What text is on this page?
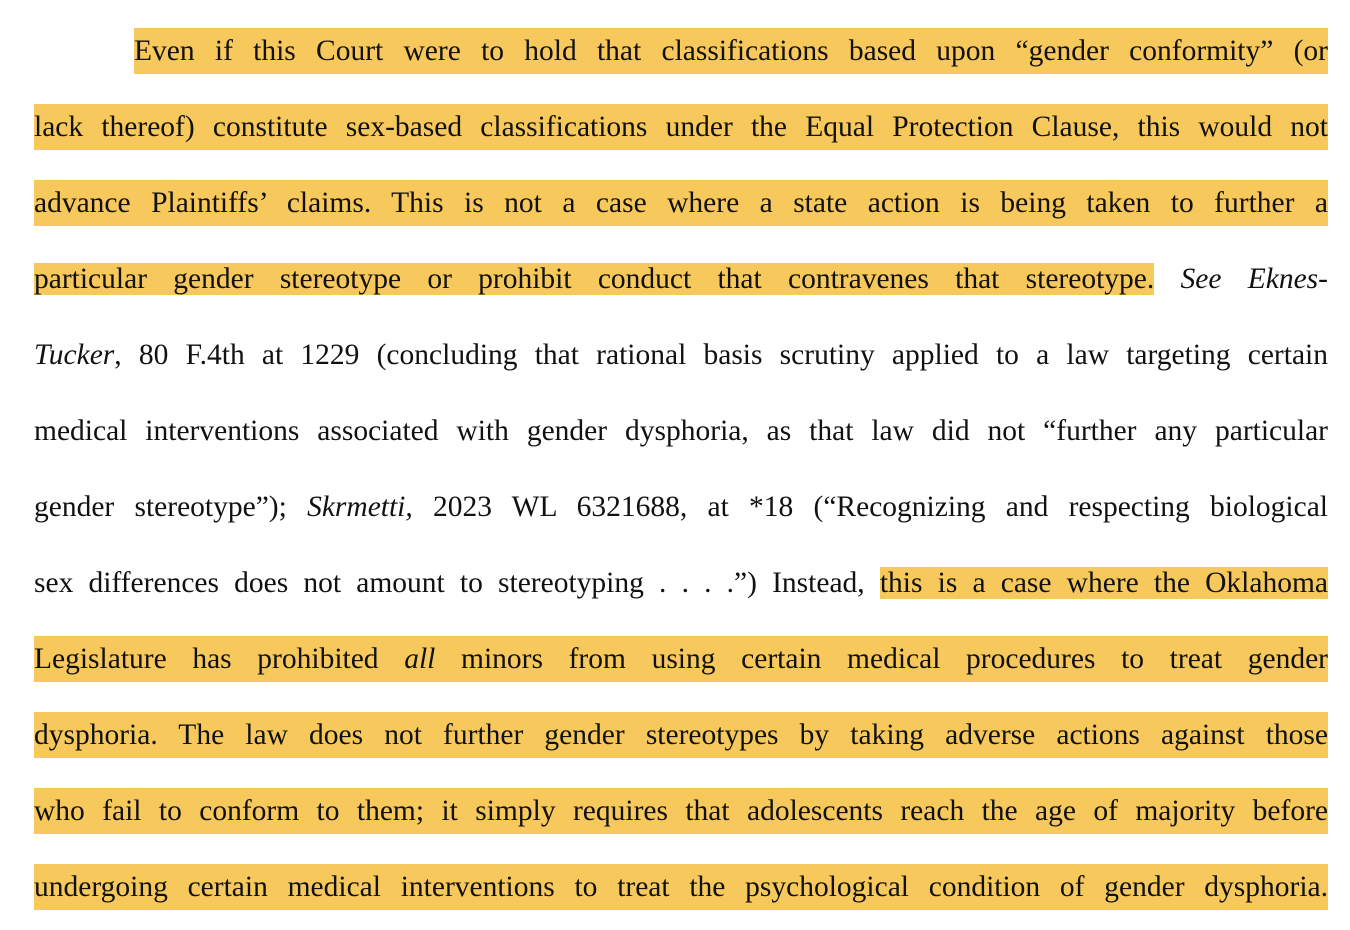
Even if this Court were to hold that classifications based upon “gender conformity” (or
lack thereof) constitute sex-based classifications under the Equal Protection Clause, this would not
advance Plaintiffs’ claims. This is not a case where a state action is being taken to further a
particular gender stereotype or prohibit conduct that contravenes that stereotype. See Eknes-
Tucker, 80 F.4th at 1229 (concluding that rational basis scrutiny applied to a law targeting certain
medical interventions associated with gender dysphoria, as that law did not “further any particular
gender stereotype”); Skrmetti, 2023 WL 6321688, at *18 (“Recognizing and respecting biological
sex differences does not amount to stereotyping . . . .”) Instead, this is a case where the Oklahoma
Legislature has prohibited all minors from using certain medical procedures to treat gender
dysphoria. The law does not further gender stereotypes by taking adverse actions against those
who fail to conform to them; it simply requires that adolescents reach the age of majority before
undergoing certain medical interventions to treat the psychological condition of gender dysphoria.
